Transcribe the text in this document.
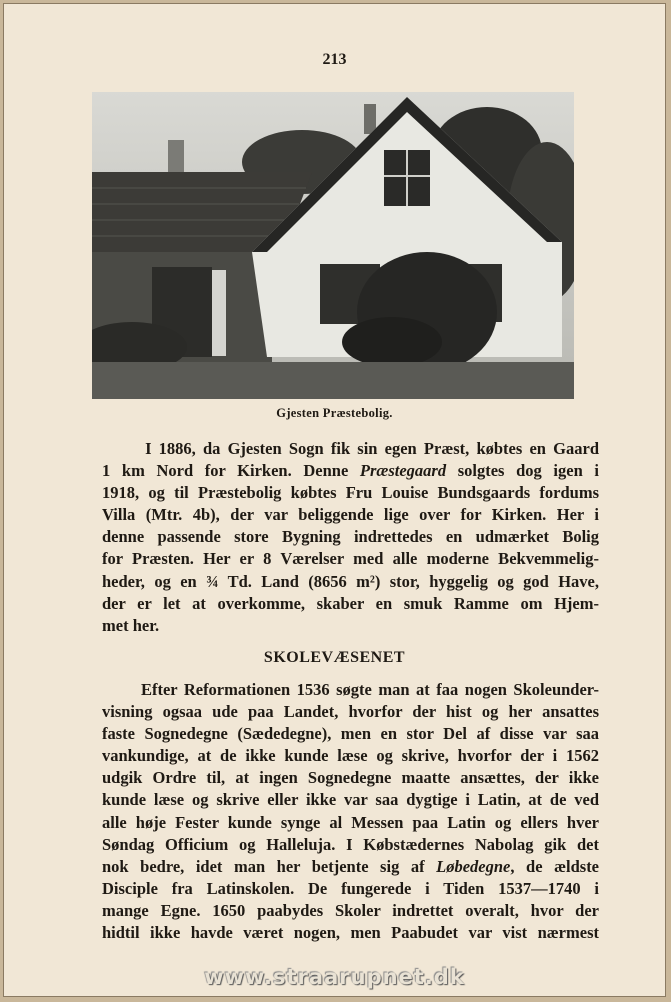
213
Gjesten Præstebolig.
I 1886, da Gjesten Sogn fik sin egen Præst, købtes en Gaard
1 km Nord for Kirken. Denne Præstegaard solgtes dog igen i
1918, og til Præstebolig købtes Fru Louise Bundsgaards fordums
Villa (Mtr. 4b), der var beliggende lige over for Kirken. Her i
denne passende store Bygning indrettedes en udmærket Bolig
for Præsten. Her er 8 Værelser med alle moderne Bekvemmelig-
heder, og en ¾ Td. Land (8656 m²) stor, hyggelig og god Have,
der er let at overkomme, skaber en smuk Ramme om Hjem-
met her.
SKOLEVÆSENET
Efter Reformationen 1536 søgte man at faa nogen Skoleunder-
visning ogsaa ude paa Landet, hvorfor der hist og her ansattes
faste Sognedegne (Sædedegne), men en stor Del af disse var saa
vankundige, at de ikke kunde læse og skrive, hvorfor der i 1562
udgik Ordre til, at ingen Sognedegne maatte ansættes, der ikke
kunde læse og skrive eller ikke var saa dygtige i Latin, at de ved
alle høje Fester kunde synge al Messen paa Latin og ellers hver
Søndag Officium og Halleluja. I Købstædernes Nabolag gik det
nok bedre, idet man her betjente sig af Løbedegne, de ældste
Disciple fra Latinskolen. De fungerede i Tiden 1537—1740 i
mange Egne. 1650 paabydes Skoler indrettet overalt, hvor der
hidtil ikke havde været nogen, men Paabudet var vist nærmest
www.straarupnet.dk
